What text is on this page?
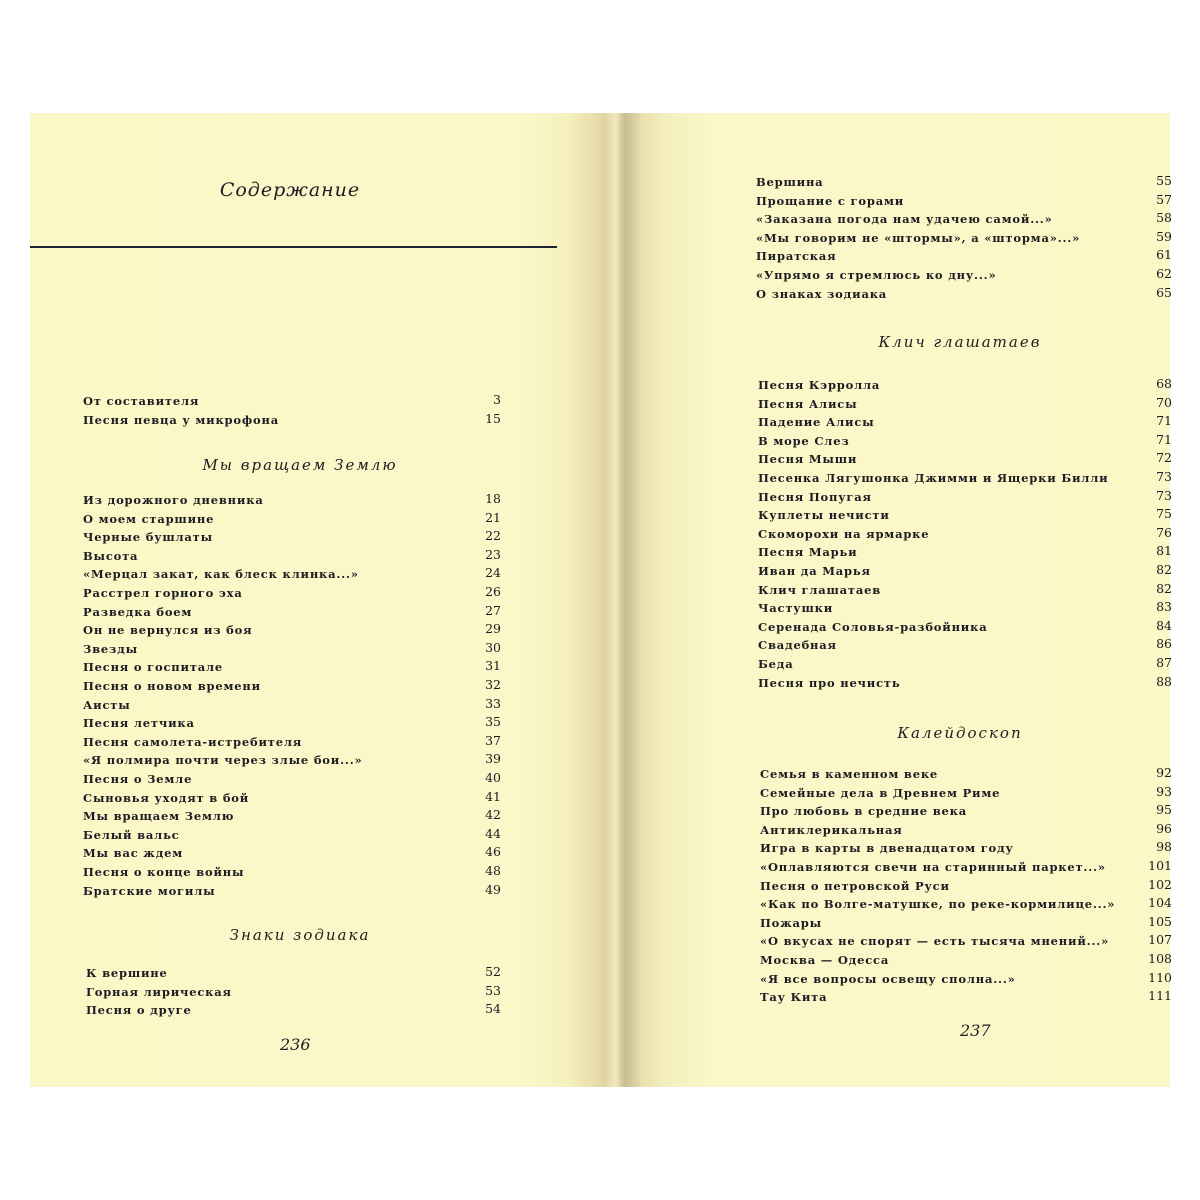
Содержание
236
От составителя	3
Песня певца у микрофона	15
Мы вращаем Землю
Из дорожного дневника	18
О моем старшине	21
Черные бушлаты	22
Высота	23
«Мерцал закат, как блеск клинка...»	24
Расстрел горного эха	26
Разведка боем	27
Он не вернулся из боя	29
Звезды	30
Песня о госпитале	31
Песня о новом времени	32
Аисты	33
Песня летчика	35
Песня самолета-истребителя	37
«Я полмира почти через злые бои...»	39
Песня о Земле	40
Сыновья уходят в бой	41
Мы вращаем Землю	42
Белый вальс	44
Мы вас ждем	46
Песня о конце войны	48
Братские могилы	49
Знаки зодиака
К вершине	52
Горная лирическая	53
Песня о друге	54
237
Вершина	55
Прощание с горами	57
«Заказана погода нам удачею самой...»	58
«Мы говорим не «штормы», а «шторма»...»	59
Пиратская	61
«Упрямо я стремлюсь ко дну...»	62
О знаках зодиака	65
Клич глашатаев
Песня Кэрролла	68
Песня Алисы	70
Падение Алисы	71
В море Слез	71
Песня Мыши	72
Песенка Лягушонка Джимми и Ящерки Билли	73
Песня Попугая	73
Куплеты нечисти	75
Скоморохи на ярмарке	76
Песня Марьи	81
Иван да Марья	82
Клич глашатаев	82
Частушки	83
Серенада Соловья-разбойника	84
Свадебная	86
Беда	87
Песня про нечисть	88
Калейдоскоп
Семья в каменном веке	92
Семейные дела в Древнем Риме	93
Про любовь в средние века	95
Антиклерикальная	96
Игра в карты в двенадцатом году	98
«Оплавляются свечи на старинный паркет...»	101
Песня о петровской Руси	102
«Как по Волге-матушке, по реке-кормилице...»	104
Пожары	105
«О вкусах не спорят — есть тысяча мнений...»	107
Москва — Одесса	108
«Я все вопросы освещу сполна...»	110
Тау Кита	111
